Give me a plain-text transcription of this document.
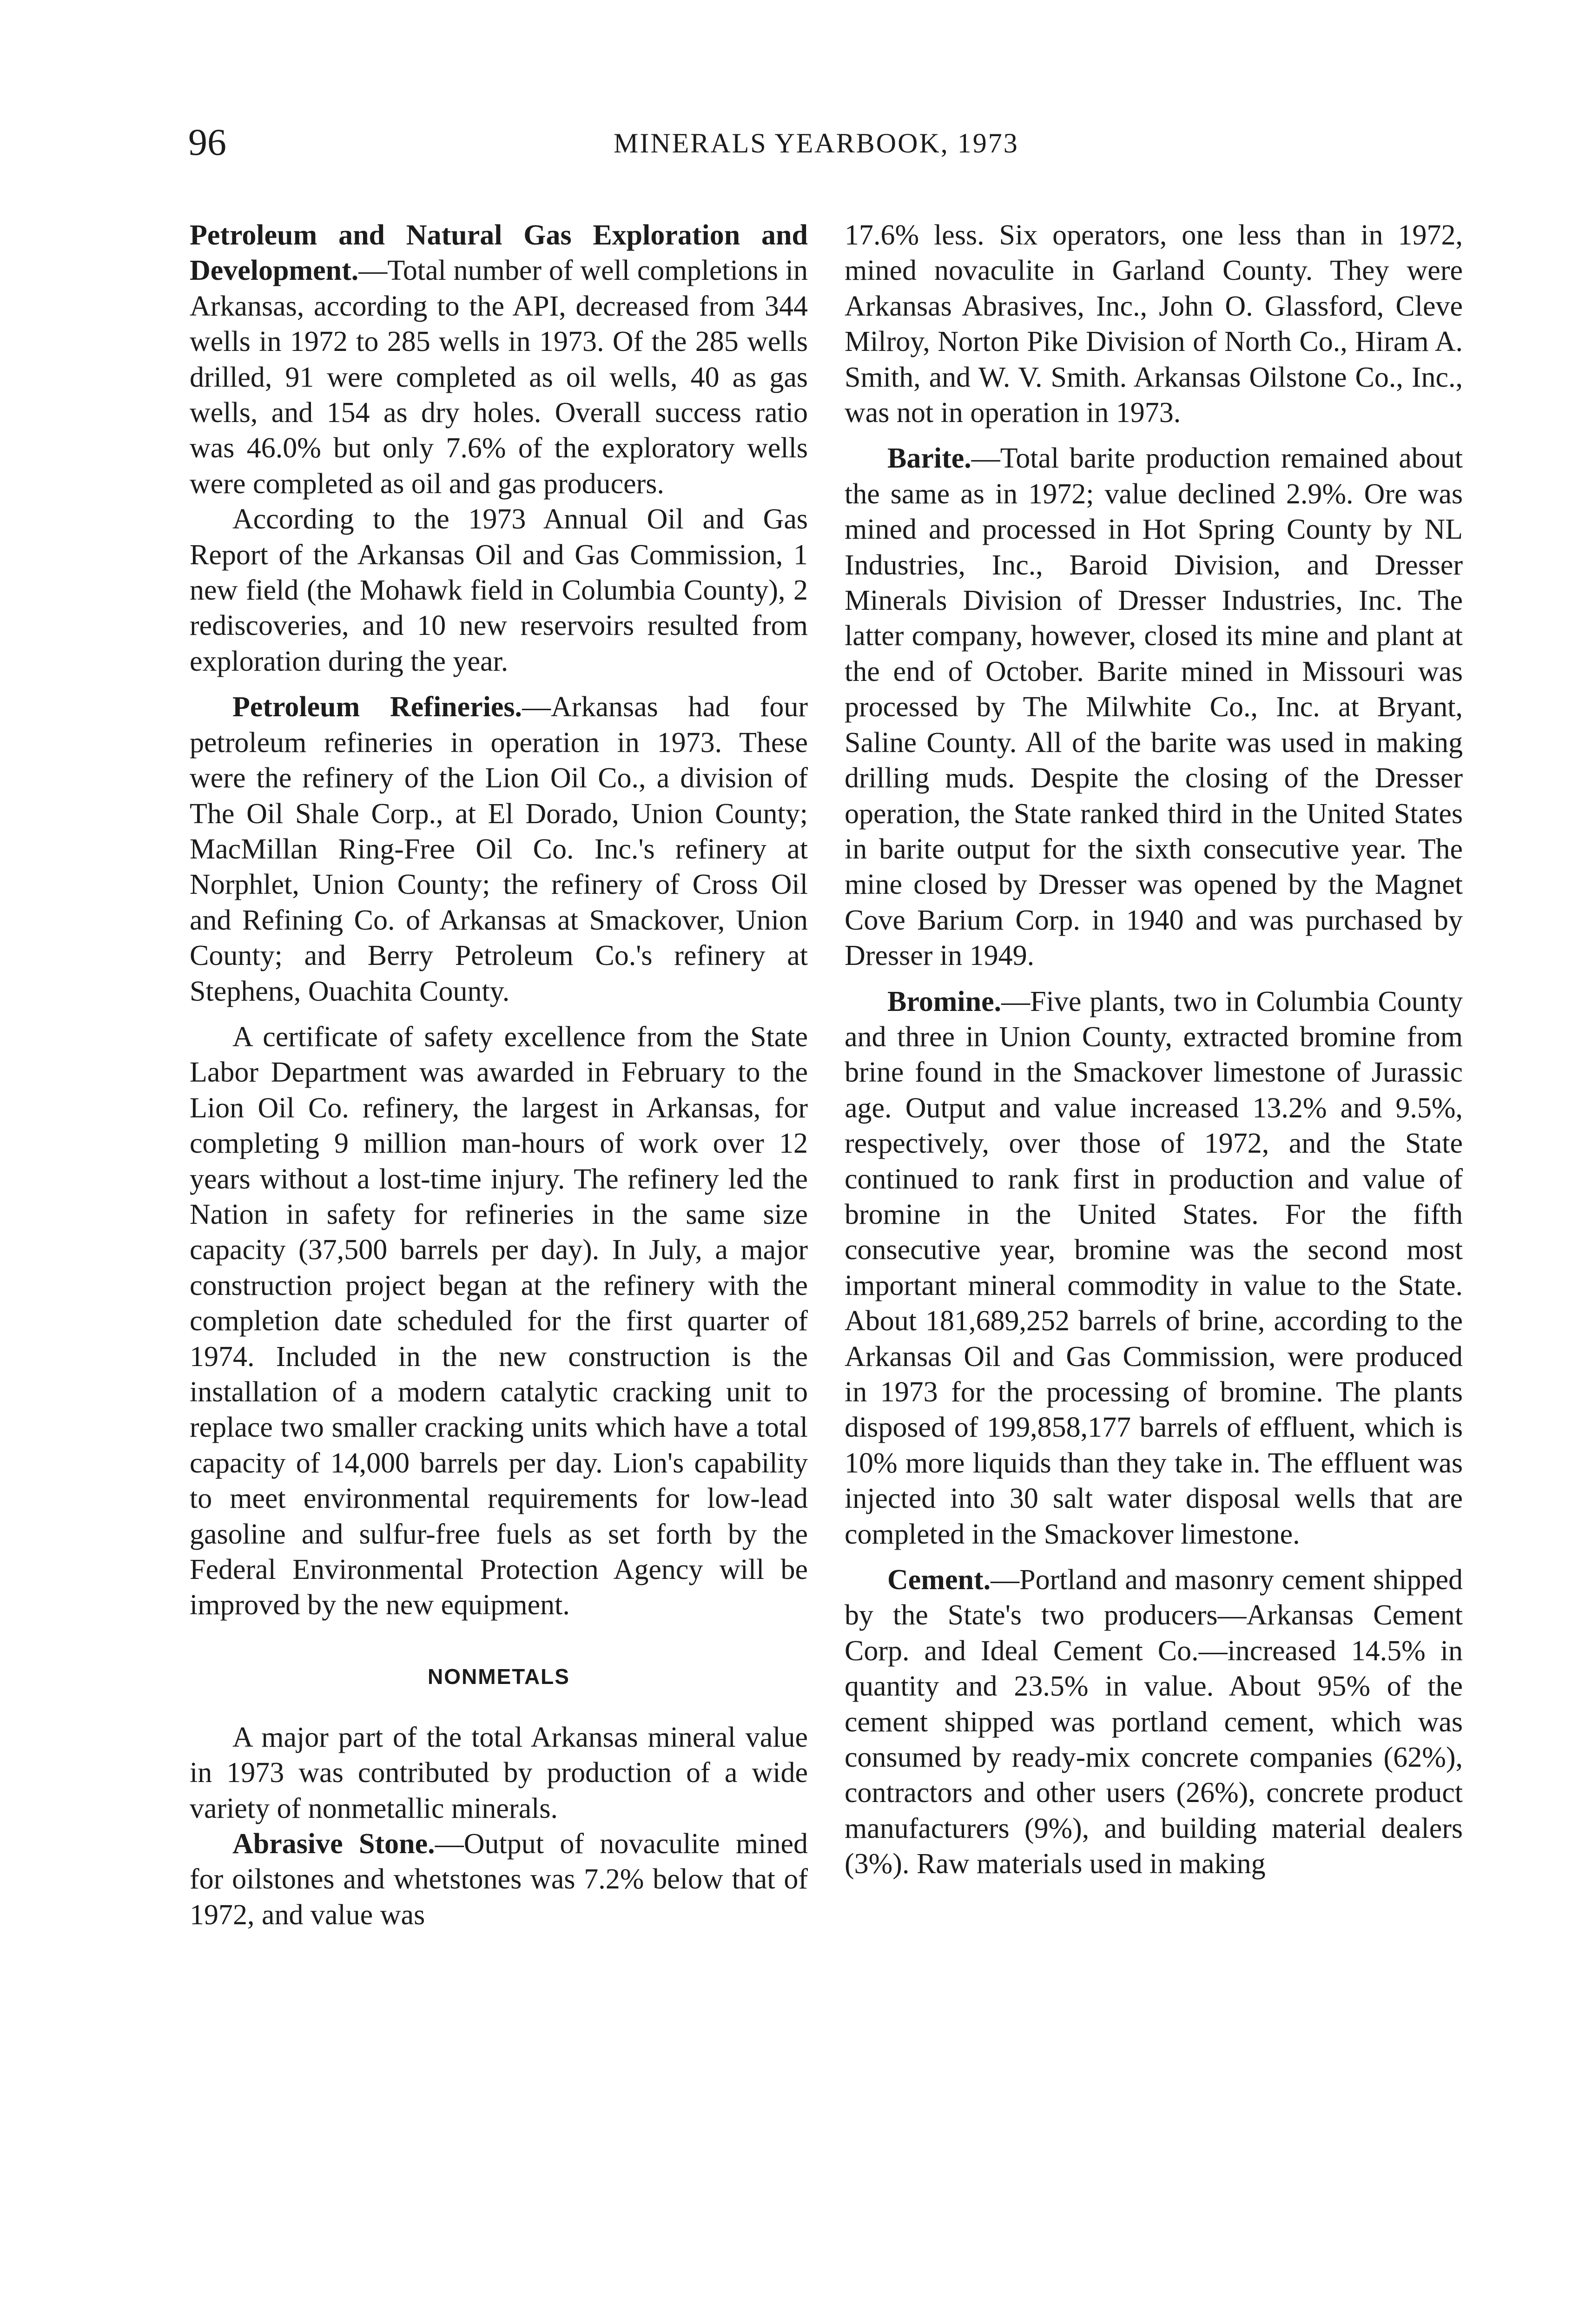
96	MINERALS YEARBOOK, 1973

Petroleum and Natural Gas Exploration and Development.—Total number of well completions in Arkansas, according to the API, decreased from 344 wells in 1972 to 285 wells in 1973. Of the 285 wells drilled, 91 were completed as oil wells, 40 as gas wells, and 154 as dry holes. Overall success ratio was 46.0% but only 7.6% of the exploratory wells were completed as oil and gas producers.

According to the 1973 Annual Oil and Gas Report of the Arkansas Oil and Gas Commission, 1 new field (the Mohawk field in Columbia County), 2 rediscoveries, and 10 new reservoirs resulted from exploration during the year.

Petroleum Refineries.—Arkansas had four petroleum refineries in operation in 1973. These were the refinery of the Lion Oil Co., a division of The Oil Shale Corp., at El Dorado, Union County; MacMillan Ring-Free Oil Co. Inc.'s refinery at Norphlet, Union County; the refinery of Cross Oil and Refining Co. of Arkansas at Smackover, Union County; and Berry Petroleum Co.'s refinery at Stephens, Ouachita County.

A certificate of safety excellence from the State Labor Department was awarded in February to the Lion Oil Co. refinery, the largest in Arkansas, for completing 9 million man-hours of work over 12 years without a lost-time injury. The refinery led the Nation in safety for refineries in the same size capacity (37,500 barrels per day). In July, a major construction project began at the refinery with the completion date scheduled for the first quarter of 1974. Included in the new construction is the installation of a modern catalytic cracking unit to replace two smaller cracking units which have a total capacity of 14,000 barrels per day. Lion's capability to meet environmental requirements for low-lead gasoline and sulfur-free fuels as set forth by the Federal Environmental Protection Agency will be improved by the new equipment.

NONMETALS

A major part of the total Arkansas mineral value in 1973 was contributed by production of a wide variety of nonmetallic minerals.

Abrasive Stone.—Output of novaculite mined for oilstones and whetstones was 7.2% below that of 1972, and value was

17.6% less. Six operators, one less than in 1972, mined novaculite in Garland County. They were Arkansas Abrasives, Inc., John O. Glassford, Cleve Milroy, Norton Pike Division of North Co., Hiram A. Smith, and W. V. Smith. Arkansas Oilstone Co., Inc., was not in operation in 1973.

Barite.—Total barite production remained about the same as in 1972; value declined 2.9%. Ore was mined and processed in Hot Spring County by NL Industries, Inc., Baroid Division, and Dresser Minerals Division of Dresser Industries, Inc. The latter company, however, closed its mine and plant at the end of October. Barite mined in Missouri was processed by The Milwhite Co., Inc. at Bryant, Saline County. All of the barite was used in making drilling muds. Despite the closing of the Dresser operation, the State ranked third in the United States in barite output for the sixth consecutive year. The mine closed by Dresser was opened by the Magnet Cove Barium Corp. in 1940 and was purchased by Dresser in 1949.

Bromine.—Five plants, two in Columbia County and three in Union County, extracted bromine from brine found in the Smackover limestone of Jurassic age. Output and value increased 13.2% and 9.5%, respectively, over those of 1972, and the State continued to rank first in production and value of bromine in the United States. For the fifth consecutive year, bromine was the second most important mineral commodity in value to the State. About 181,689,252 barrels of brine, according to the Arkansas Oil and Gas Commission, were produced in 1973 for the processing of bromine. The plants disposed of 199,858,177 barrels of effluent, which is 10% more liquids than they take in. The effluent was injected into 30 salt water disposal wells that are completed in the Smackover limestone.

Cement.—Portland and masonry cement shipped by the State's two producers—Arkansas Cement Corp. and Ideal Cement Co.—increased 14.5% in quantity and 23.5% in value. About 95% of the cement shipped was portland cement, which was consumed by ready-mix concrete companies (62%), contractors and other users (26%), concrete product manufacturers (9%), and building material dealers (3%). Raw materials used in making
